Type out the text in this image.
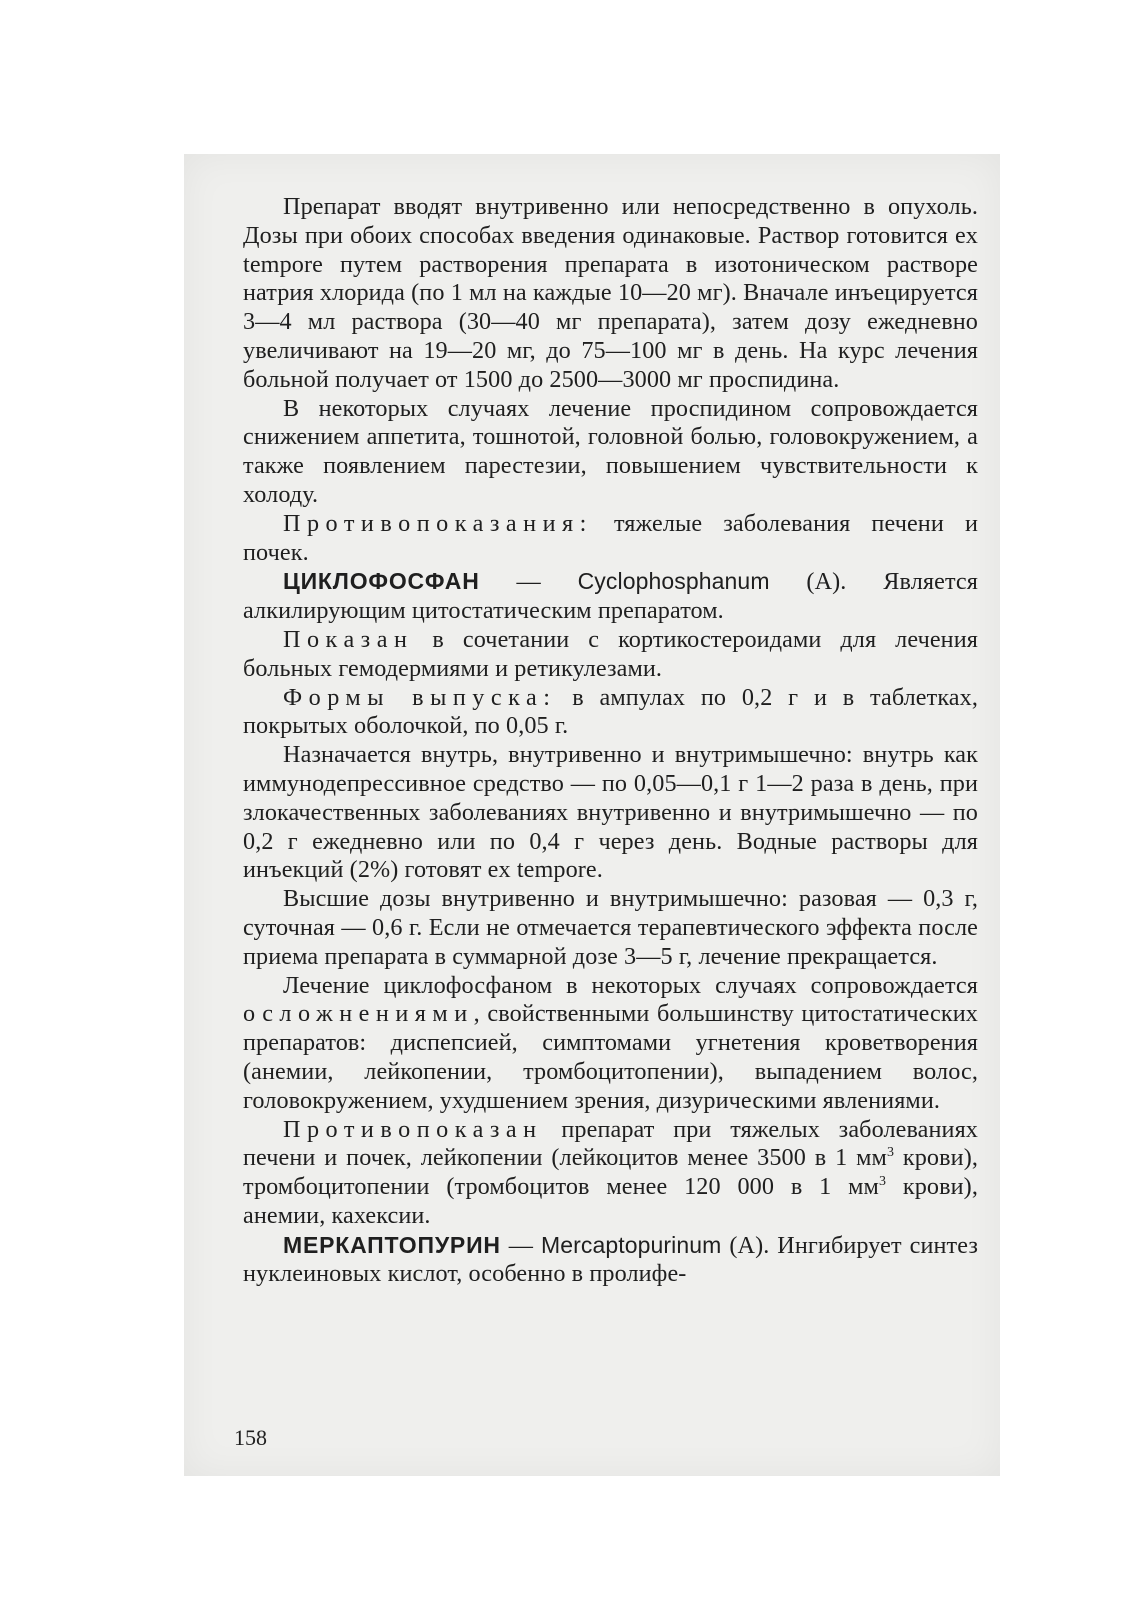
Препарат вводят внутривенно или непосредственно в опухоль. Дозы при обоих способах введения одинаковые. Раствор готовится ex tempore путем растворения препарата в изотоническом растворе натрия хлорида (по 1 мл на каждые 10—20 мг). Вначале инъецируется 3—4 мл раствора (30—40 мг препарата), затем дозу ежедневно увеличивают на 19—20 мг, до 75—100 мг в день. На курс лечения больной получает от 1500 до 2500—3000 мг проспидина.

В некоторых случаях лечение проспидином сопровождается снижением аппетита, тошнотой, головной болью, головокружением, а также появлением парестезии, повышением чувствительности к холоду.

Противопоказания: тяжелые заболевания печени и почек.

ЦИКЛОФОСФАН — Cyclophosphanum (А). Является алкилирующим цитостатическим препаратом.

Показан в сочетании с кортикостероидами для лечения больных гемодермиями и ретикулезами.

Формы выпуска: в ампулах по 0,2 г и в таблетках, покрытых оболочкой, по 0,05 г.

Назначается внутрь, внутривенно и внутримышечно: внутрь как иммунодепрессивное средство — по 0,05—0,1 г 1—2 раза в день, при злокачественных заболеваниях внутривенно и внутримышечно — по 0,2 г ежедневно или по 0,4 г через день. Водные растворы для инъекций (2%) готовят ex tempore.

Высшие дозы внутривенно и внутримышечно: разовая — 0,3 г, суточная — 0,6 г. Если не отмечается терапевтического эффекта после приема препарата в суммарной дозе 3—5 г, лечение прекращается.

Лечение циклофосфаном в некоторых случаях сопровождается осложнениями, свойственными большинству цитостатических препаратов: диспепсией, симптомами угнетения кроветворения (анемии, лейкопении, тромбоцитопении), выпадением волос, головокружением, ухудшением зрения, дизурическими явлениями.

Противопоказан препарат при тяжелых заболеваниях печени и почек, лейкопении (лейкоцитов менее 3500 в 1 $мм^3$ крови), тромбоцитопении (тромбоцитов менее 120 000 в 1 $мм^3$ крови), анемии, кахексии.

МЕРКАПТОПУРИН — Mercaptopurinum (А). Ингибирует синтез нуклеиновых кислот, особенно в пролифе-

158
